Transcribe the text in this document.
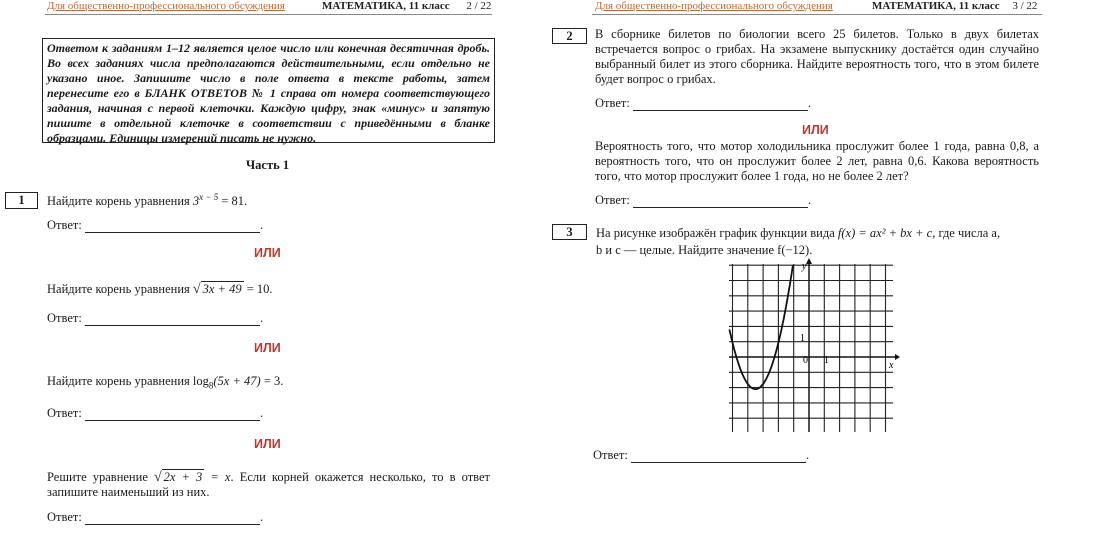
Для общественно-профессионального обсуждения	МАТЕМАТИКА, 11 класс 2 / 22
Ответом к заданиям 1–12 является целое число или конечная десятичная дробь. Во всех заданиях числа предполагаются действительными, если отдельно не указано иное. Запишите число в поле ответа в тексте работы, затем перенесите его в БЛАНК ОТВЕТОВ № 1 справа от номера соответствующего задания, начиная с первой клеточки. Каждую цифру, знак «минус» и запятую пишите в отдельной клеточке в соответствии с приведёнными в бланке образцами. Единицы измерений писать не нужно.
Часть 1
1	Найдите корень уравнения $3^{x - 5} = 81$.
Ответ:	.
ИЛИ
Найдите корень уравнения √ 3x + 49 = 10.
Ответ:	.
ИЛИ
Найдите корень уравнения $\log_8(5x + 47) = 3$.
Ответ:	.
ИЛИ
Решите уравнение √ 2x + 3 = x. Если корней окажется несколько, то в ответ запишите наименьший из них.
Ответ:	.
Для общественно-профессионального обсуждения	МАТЕМАТИКА, 11 класс 3 / 22
2	В сборнике билетов по биологии всего 25 билетов. Только в двух билетах встречается вопрос о грибах. На экзамене выпускнику достаётся один случайно выбранный билет из этого сборника. Найдите вероятность того, что в этом билете будет вопрос о грибах.
Ответ:	.
ИЛИ
Вероятность того, что мотор холодильника прослужит более 1 года, равна 0,8, а вероятность того, что он прослужит более 2 лет, равна 0,6. Какова вероятность того, что мотор прослужит более 1 года, но не более 2 лет?
Ответ:	.
3	На рисунке изображён график функции вида f(x) = ax² + bx + c, где числа a,
b и c — целые. Найдите значение f(−12).
y
x
0 1
1
Ответ:	.
